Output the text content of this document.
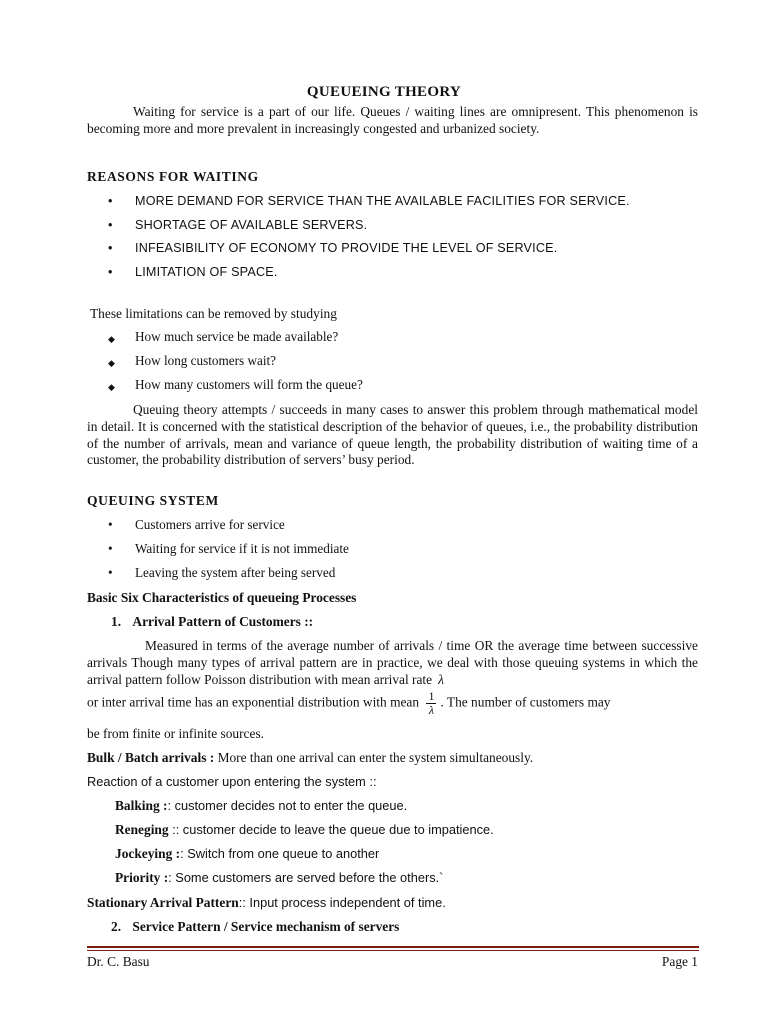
QUEUEING THEORY
Waiting for service is a part of our life. Queues / waiting lines are omnipresent. This phenomenon is becoming more and more prevalent in increasingly congested and urbanized society.
REASONS FOR WAITING
• MORE DEMAND FOR SERVICE THAN THE AVAILABLE FACILITIES FOR SERVICE.
• SHORTAGE OF AVAILABLE SERVERS.
• INFEASIBILITY OF ECONOMY TO PROVIDE THE LEVEL OF SERVICE.
• LIMITATION OF SPACE.
These limitations can be removed by studying
◆ How much service be made available?
◆ How long customers wait?
◆ How many customers will form the queue?
Queuing theory attempts / succeeds in many cases to answer this problem through mathematical model in detail. It is concerned with the statistical description of the behavior of queues, i.e., the probability distribution of the number of arrivals, mean and variance of queue length, the probability distribution of waiting time of a customer, the probability distribution of servers’ busy period.
QUEUING SYSTEM
• Customers arrive for service
• Waiting for service if it is not immediate
• Leaving the system after being served
Basic Six Characteristics of queueing Processes
1. Arrival Pattern of Customers ::
Measured in terms of the average number of arrivals / time OR the average time between successive arrivals Though many types of arrival pattern are in practice, we deal with those queuing systems in which the arrival pattern follow Poisson distribution with mean arrival rate λ
or inter arrival time has an exponential distribution with mean $\frac{1}{\lambda}$ . The number of customers may
be from finite or infinite sources.
Bulk / Batch arrivals : More than one arrival can enter the system simultaneously.
Reaction of a customer upon entering the system ::
Balking :: customer decides not to enter the queue.
Reneging :: customer decide to leave the queue due to impatience.
Jockeying :: Switch from one queue to another
Priority :: Some customers are served before the others.`
Stationary Arrival Pattern:: Input process independent of time.
2. Service Pattern / Service mechanism of servers
Dr. C. Basu	Page 1
